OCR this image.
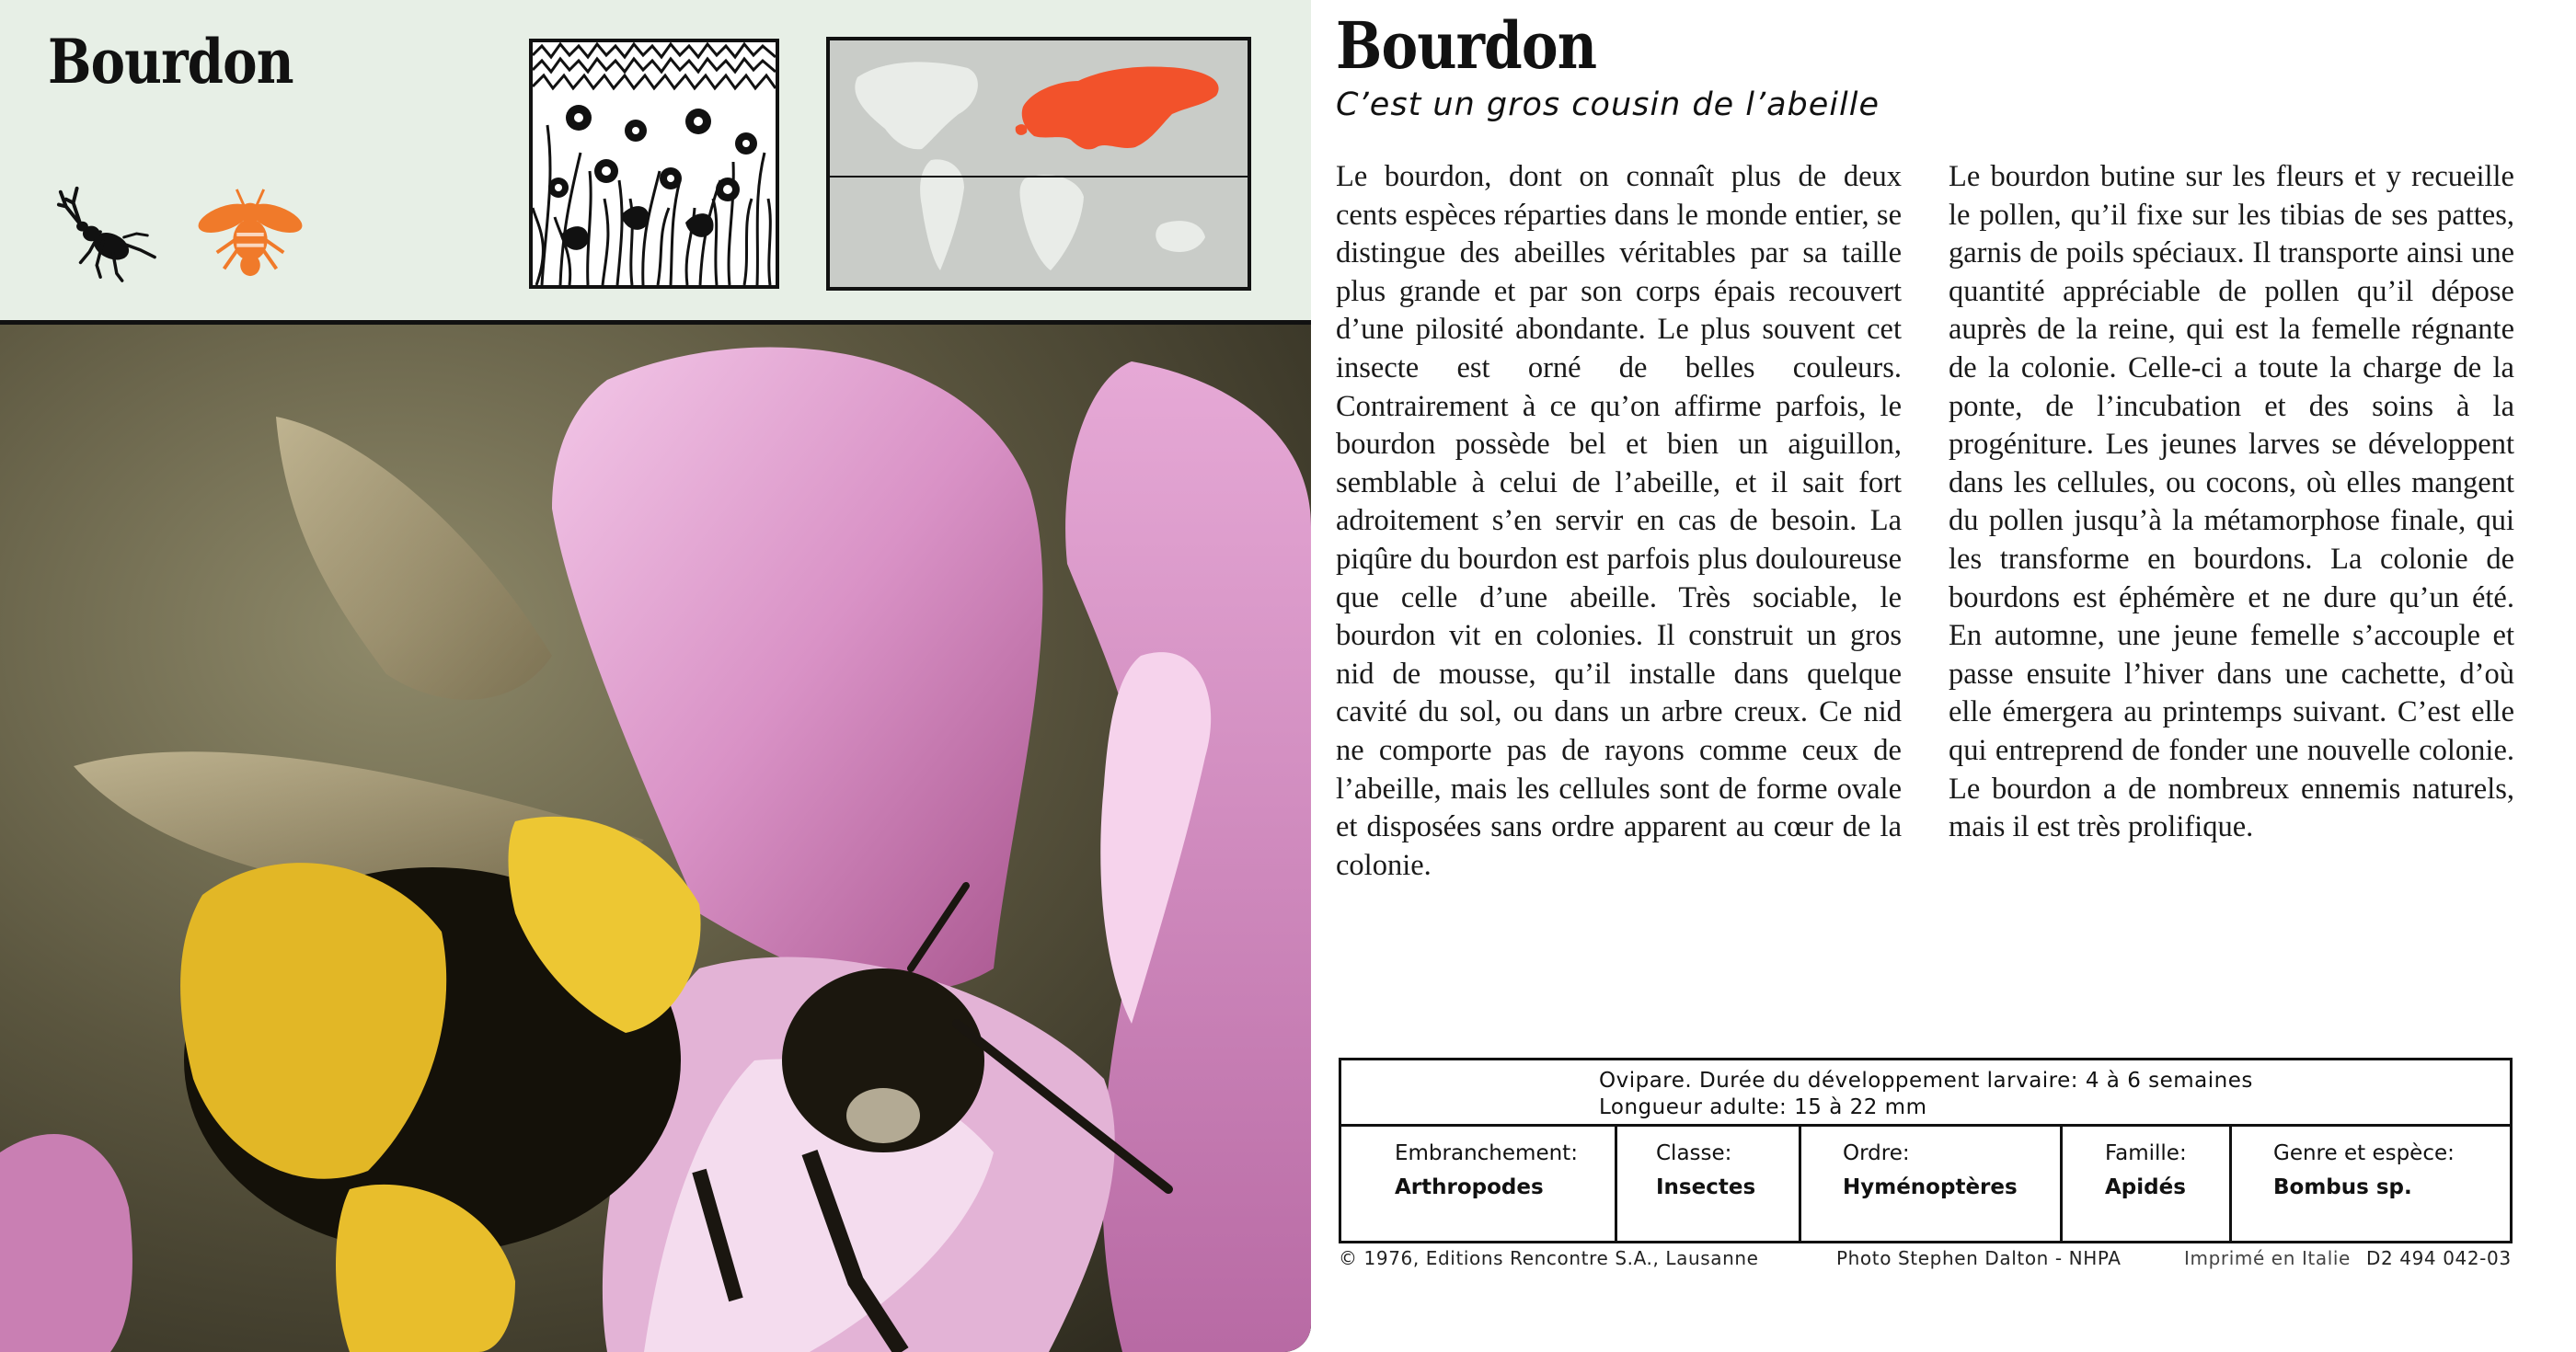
Bourdon	Bourdon
C’est un gros cousin de l’abeille
Le bourdon, dont on connaît plus de deux cents espèces réparties dans le monde entier, se distingue des abeilles véritables par sa taille plus grande et par son corps épais recouvert d’une pilosité abondante. Le plus souvent cet insecte est orné de belles couleurs. Contrairement à ce qu’on affirme parfois, le bourdon possède bel et bien un aiguillon, semblable à celui de l’abeille, et il sait fort adroitement s’en servir en cas de besoin. La piqûre du bourdon est parfois plus douloureuse que celle d’une abeille. Très sociable, le bourdon vit en colonies. Il construit un gros nid de mousse, qu’il installe dans quelque cavité du sol, ou dans un arbre creux. Ce nid ne comporte pas de rayons comme ceux de l’abeille, mais les cellules sont de forme ovale et disposées sans ordre apparent au cœur de la colonie.
Le bourdon butine sur les fleurs et y recueille le pollen, qu’il fixe sur les tibias de ses pattes, garnis de poils spéciaux. Il transporte ainsi une quantité appréciable de pollen qu’il dépose auprès de la reine, qui est la femelle régnante de la colonie. Celle-ci a toute la charge de la ponte, de l’incubation et des soins à la progéniture. Les jeunes larves se développent dans les cellules, ou cocons, où elles mangent du pollen jusqu’à la métamorphose finale, qui les transforme en bourdons. La colonie de bourdons est éphémère et ne dure qu’un été. En automne, une jeune femelle s’accouple et passe ensuite l’hiver dans une cachette, d’où elle émergera au printemps suivant. C’est elle qui entreprend de fonder une nouvelle colonie. Le bourdon a de nombreux ennemis naturels, mais il est très prolifique.
Ovipare. Durée du développement larvaire: 4 à 6 semaines
Longueur adulte: 15 à 22 mm
Embranchement:
Arthropodes
Classe:
Insectes
Ordre:
Hyménoptères
Famille:
Apidés
Genre et espèce:
Bombus sp.
© 1976, Editions Rencontre S.A., Lausanne	Photo Stephen Dalton - NHPA	Imprimé en Italie D2 494 042-03
